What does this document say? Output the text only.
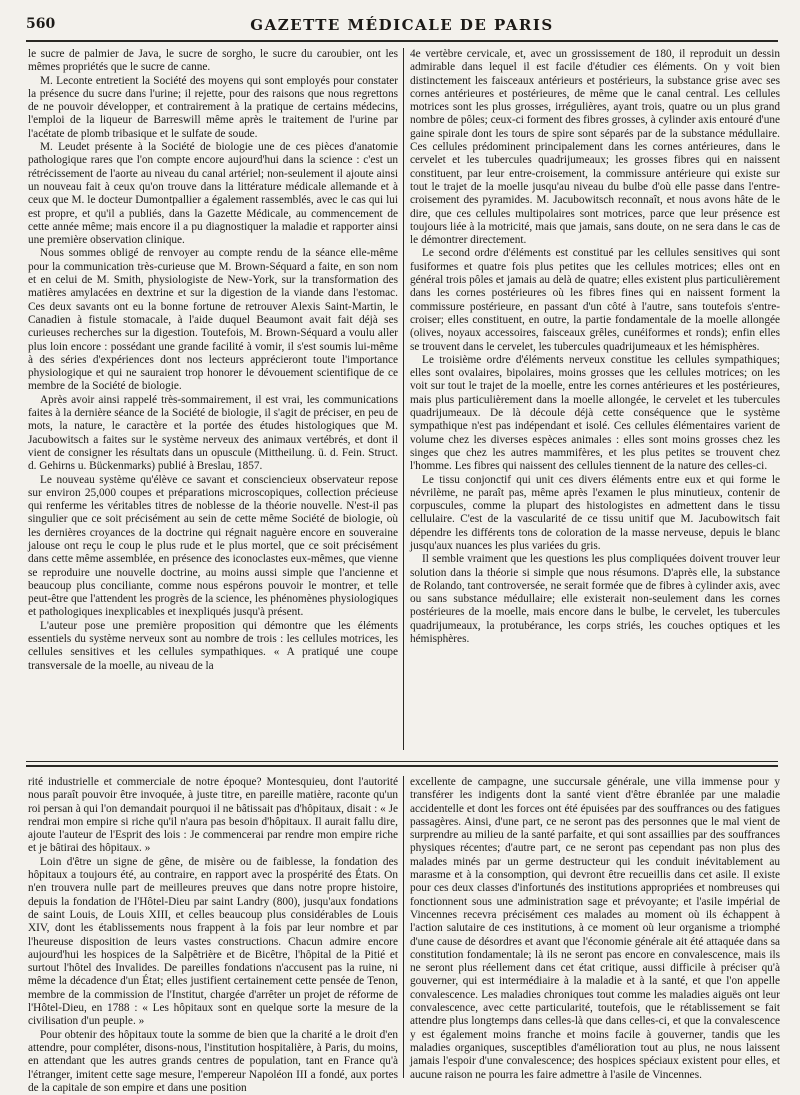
560	GAZETTE MÉDICALE DE PARIS

le sucre de palmier de Java, le sucre de sorgho, le sucre du caroubier, ont les mêmes propriétés que le sucre de canne.

M. Leconte entretient la Société des moyens qui sont employés pour constater la présence du sucre dans l'urine; il rejette, pour des raisons que nous regrettons de ne pouvoir développer, et contrairement à la pratique de certains médecins, l'emploi de la liqueur de Barreswill même après le traitement de l'urine par l'acétate de plomb tribasique et le sulfate de soude.

M. Leudet présente à la Société de biologie une de ces pièces d'anatomie pathologique rares que l'on compte encore aujourd'hui dans la science : c'est un rétrécissement de l'aorte au niveau du canal artériel; non-seulement il ajoute ainsi un nouveau fait à ceux qu'on trouve dans la littérature médicale allemande et à ceux que M. le docteur Dumontpallier a également rassemblés, avec le cas qui lui est propre, et qu'il a publiés, dans la Gazette Médicale, au commencement de cette année même; mais encore il a pu diagnostiquer la maladie et rapporter ainsi une première observation clinique.

Nous sommes obligé de renvoyer au compte rendu de la séance elle-même pour la communication très-curieuse que M. Brown-Séquard a faite, en son nom et en celui de M. Smith, physiologiste de New-York, sur la transformation des matières amylacées en dextrine et sur la digestion de la viande dans l'estomac. Ces deux savants ont eu la bonne fortune de retrouver Alexis Saint-Martin, le Canadien à fistule stomacale, à l'aide duquel Beaumont avait fait déjà ses curieuses recherches sur la digestion. Toutefois, M. Brown-Séquard a voulu aller plus loin encore : possédant une grande facilité à vomir, il s'est soumis lui-même à des séries d'expériences dont nos lecteurs apprécieront toute l'importance physiologique et qui ne sauraient trop honorer le dévouement scientifique de ce membre de la Société de biologie.

Après avoir ainsi rappelé très-sommairement, il est vrai, les communications faites à la dernière séance de la Société de biologie, il s'agit de préciser, en peu de mots, la nature, le caractère et la portée des études histologiques que M. Jacubowitsch a faites sur le système nerveux des animaux vertébrés, et dont il vient de consigner les résultats dans un opuscule (Mittheilung. ü. d. Fein. Struct. d. Gehirns u. Bückenmarks) publié à Breslau, 1857.

Le nouveau système qu'élève ce savant et consciencieux observateur repose sur environ 25,000 coupes et préparations microscopiques, collection précieuse qui renferme les véritables titres de noblesse de la théorie nouvelle. N'est-il pas singulier que ce soit précisément au sein de cette même Société de biologie, où les dernières croyances de la doctrine qui régnait naguère encore en souveraine jalouse ont reçu le coup le plus rude et le plus mortel, que ce soit précisément dans cette même assemblée, en présence des iconoclastes eux-mêmes, que vienne se reproduire une nouvelle doctrine, au moins aussi simple que l'ancienne et beaucoup plus conciliante, comme nous espérons pouvoir le montrer, et telle peut-être que l'attendent les progrès de la science, les phénomènes physiologiques et pathologiques inexplicables et inexpliqués jusqu'à présent.

L'auteur pose une première proposition qui démontre que les éléments essentiels du système nerveux sont au nombre de trois : les cellules motrices, les cellules sensitives et les cellules sympathiques. « A pratiqué une coupe transversale de la moelle, au niveau de la

4e vertèbre cervicale, et, avec un grossissement de 180, il reproduit un dessin admirable dans lequel il est facile d'étudier ces éléments. On y voit bien distinctement les faisceaux antérieurs et postérieurs, la substance grise avec ses cornes antérieures et postérieures, de même que le canal central. Les cellules motrices sont les plus grosses, irrégulières, ayant trois, quatre ou un plus grand nombre de pôles; ceux-ci forment des fibres grosses, à cylinder axis entouré d'une gaine spirale dont les tours de spire sont séparés par de la substance médullaire. Ces cellules prédominent principalement dans les cornes antérieures, dans le cervelet et les tubercules quadrijumeaux; les grosses fibres qui en naissent constituent, par leur entre-croisement, la commissure antérieure qui existe sur tout le trajet de la moelle jusqu'au niveau du bulbe d'où elle passe dans l'entre-croisement des pyramides. M. Jacubowitsch reconnaît, et nous avons hâte de le dire, que ces cellules multipolaires sont motrices, parce que leur présence est toujours liée à la motricité, mais que jamais, sans doute, on ne sera dans le cas de le démontrer directement.

Le second ordre d'éléments est constitué par les cellules sensitives qui sont fusiformes et quatre fois plus petites que les cellules motrices; elles ont en général trois pôles et jamais au delà de quatre; elles existent plus particulièrement dans les cornes postérieures où les fibres fines qui en naissent forment la commissure postérieure, en passant d'un côté à l'autre, sans toutefois s'entre-croiser; elles constituent, en outre, la partie fondamentale de la moelle allongée (olives, noyaux accessoires, faisceaux grêles, cunéiformes et ronds); enfin elles se trouvent dans le cervelet, les tubercules quadrijumeaux et les hémisphères.

Le troisième ordre d'éléments nerveux constitue les cellules sympathiques; elles sont ovalaires, bipolaires, moins grosses que les cellules motrices; on les voit sur tout le trajet de la moelle, entre les cornes antérieures et les postérieures, mais plus particulièrement dans la moelle allongée, le cervelet et les tubercules quadrijumeaux. De là découle déjà cette conséquence que le système sympathique n'est pas indépendant et isolé. Ces cellules élémentaires varient de volume chez les diverses espèces animales : elles sont moins grosses chez les singes que chez les autres mammifères, et les plus petites se trouvent chez l'homme. Les fibres qui naissent des cellules tiennent de la nature des celles-ci.

Le tissu conjonctif qui unit ces divers éléments entre eux et qui forme le névrilème, ne paraît pas, même après l'examen le plus minutieux, contenir de corpuscules, comme la plupart des histologistes en admettent dans le tissu cellulaire. C'est de la vascularité de ce tissu unitif que M. Jacubowitsch fait dépendre les différents tons de coloration de la masse nerveuse, depuis le blanc jusqu'aux nuances les plus variées du gris.

Il semble vraiment que les questions les plus compliquées doivent trouver leur solution dans la théorie si simple que nous résumons. D'après elle, la substance de Rolando, tant controversée, ne serait formée que de fibres à cylinder axis, avec ou sans substance médullaire; elle existerait non-seulement dans les cornes postérieures de la moelle, mais encore dans le bulbe, le cervelet, les tubercules quadrijumeaux, la protubérance, les corps striés, les couches optiques et les hémisphères.

rité industrielle et commerciale de notre époque? Montesquieu, dont l'autorité nous paraît pouvoir être invoquée, à juste titre, en pareille matière, raconte qu'un roi persan à qui l'on demandait pourquoi il ne bâtissait pas d'hôpitaux, disait : « Je rendrai mon empire si riche qu'il n'aura pas besoin d'hôpitaux. Il aurait fallu dire, ajoute l'auteur de l'Esprit des lois : Je commencerai par rendre mon empire riche et je bâtirai des hôpitaux. »

Loin d'être un signe de gêne, de misère ou de faiblesse, la fondation des hôpitaux a toujours été, au contraire, en rapport avec la prospérité des États. On n'en trouvera nulle part de meilleures preuves que dans notre propre histoire, depuis la fondation de l'Hôtel-Dieu par saint Landry (800), jusqu'aux fondations de saint Louis, de Louis XIII, et celles beaucoup plus considérables de Louis XIV, dont les établissements nous frappent à la fois par leur nombre et par l'heureuse disposition de leurs vastes constructions. Chacun admire encore aujourd'hui les hospices de la Salpêtrière et de Bicêtre, l'hôpital de la Pitié et surtout l'hôtel des Invalides. De pareilles fondations n'accusent pas la ruine, ni même la décadence d'un État; elles justifient certainement cette pensée de Tenon, membre de la commission de l'Institut, chargée d'arrêter un projet de réforme de l'Hôtel-Dieu, en 1788 : « Les hôpitaux sont en quelque sorte la mesure de la civilisation d'un peuple. »

Pour obtenir des hôpitaux toute la somme de bien que la charité a le droit d'en attendre, pour compléter, disons-nous, l'institution hospitalière, à Paris, du moins, en attendant que les autres grands centres de population, tant en France qu'à l'étranger, imitent cette sage mesure, l'empereur Napoléon III a fondé, aux portes de la capitale de son empire et dans une position

excellente de campagne, une succursale générale, une villa immense pour y transférer les indigents dont la santé vient d'être ébranlée par une maladie accidentelle et dont les forces ont été épuisées par des souffrances ou des fatigues passagères. Ainsi, d'une part, ce ne seront pas des personnes que le mal vient de surprendre au milieu de la santé parfaite, et qui sont assaillies par des souffrances physiques récentes; d'autre part, ce ne seront pas cependant pas non plus des malades minés par un germe destructeur qui les conduit inévitablement au marasme et à la consomption, qui devront être recueillis dans cet asile. Il existe pour ces deux classes d'infortunés des institutions appropriées et nombreuses qui fonctionnent sous une administration sage et prévoyante; et l'asile impérial de Vincennes recevra précisément ces malades au moment où ils échappent à l'action salutaire de ces institutions, à ce moment où leur organisme a triomphé d'une cause de désordres et avant que l'économie générale ait été attaquée dans sa constitution fondamentale; là ils ne seront pas encore en convalescence, mais ils ne seront plus réellement dans cet état critique, aussi difficile à préciser qu'à gouverner, qui est intermédiaire à la maladie et à la santé, et que l'on appelle convalescence. Les maladies chroniques tout comme les maladies aiguës ont leur convalescence, avec cette particularité, toutefois, que le rétablissement se fait attendre plus longtemps dans celles-là que dans celles-ci, et que la convalescence y est également moins franche et moins facile à gouverner, tandis que les maladies organiques, susceptibles d'amélioration tout au plus, ne nous laissent jamais l'espoir d'une convalescence; des hospices spéciaux existent pour elles, et aucune raison ne pourra les faire admettre à l'asile de Vincennes.
